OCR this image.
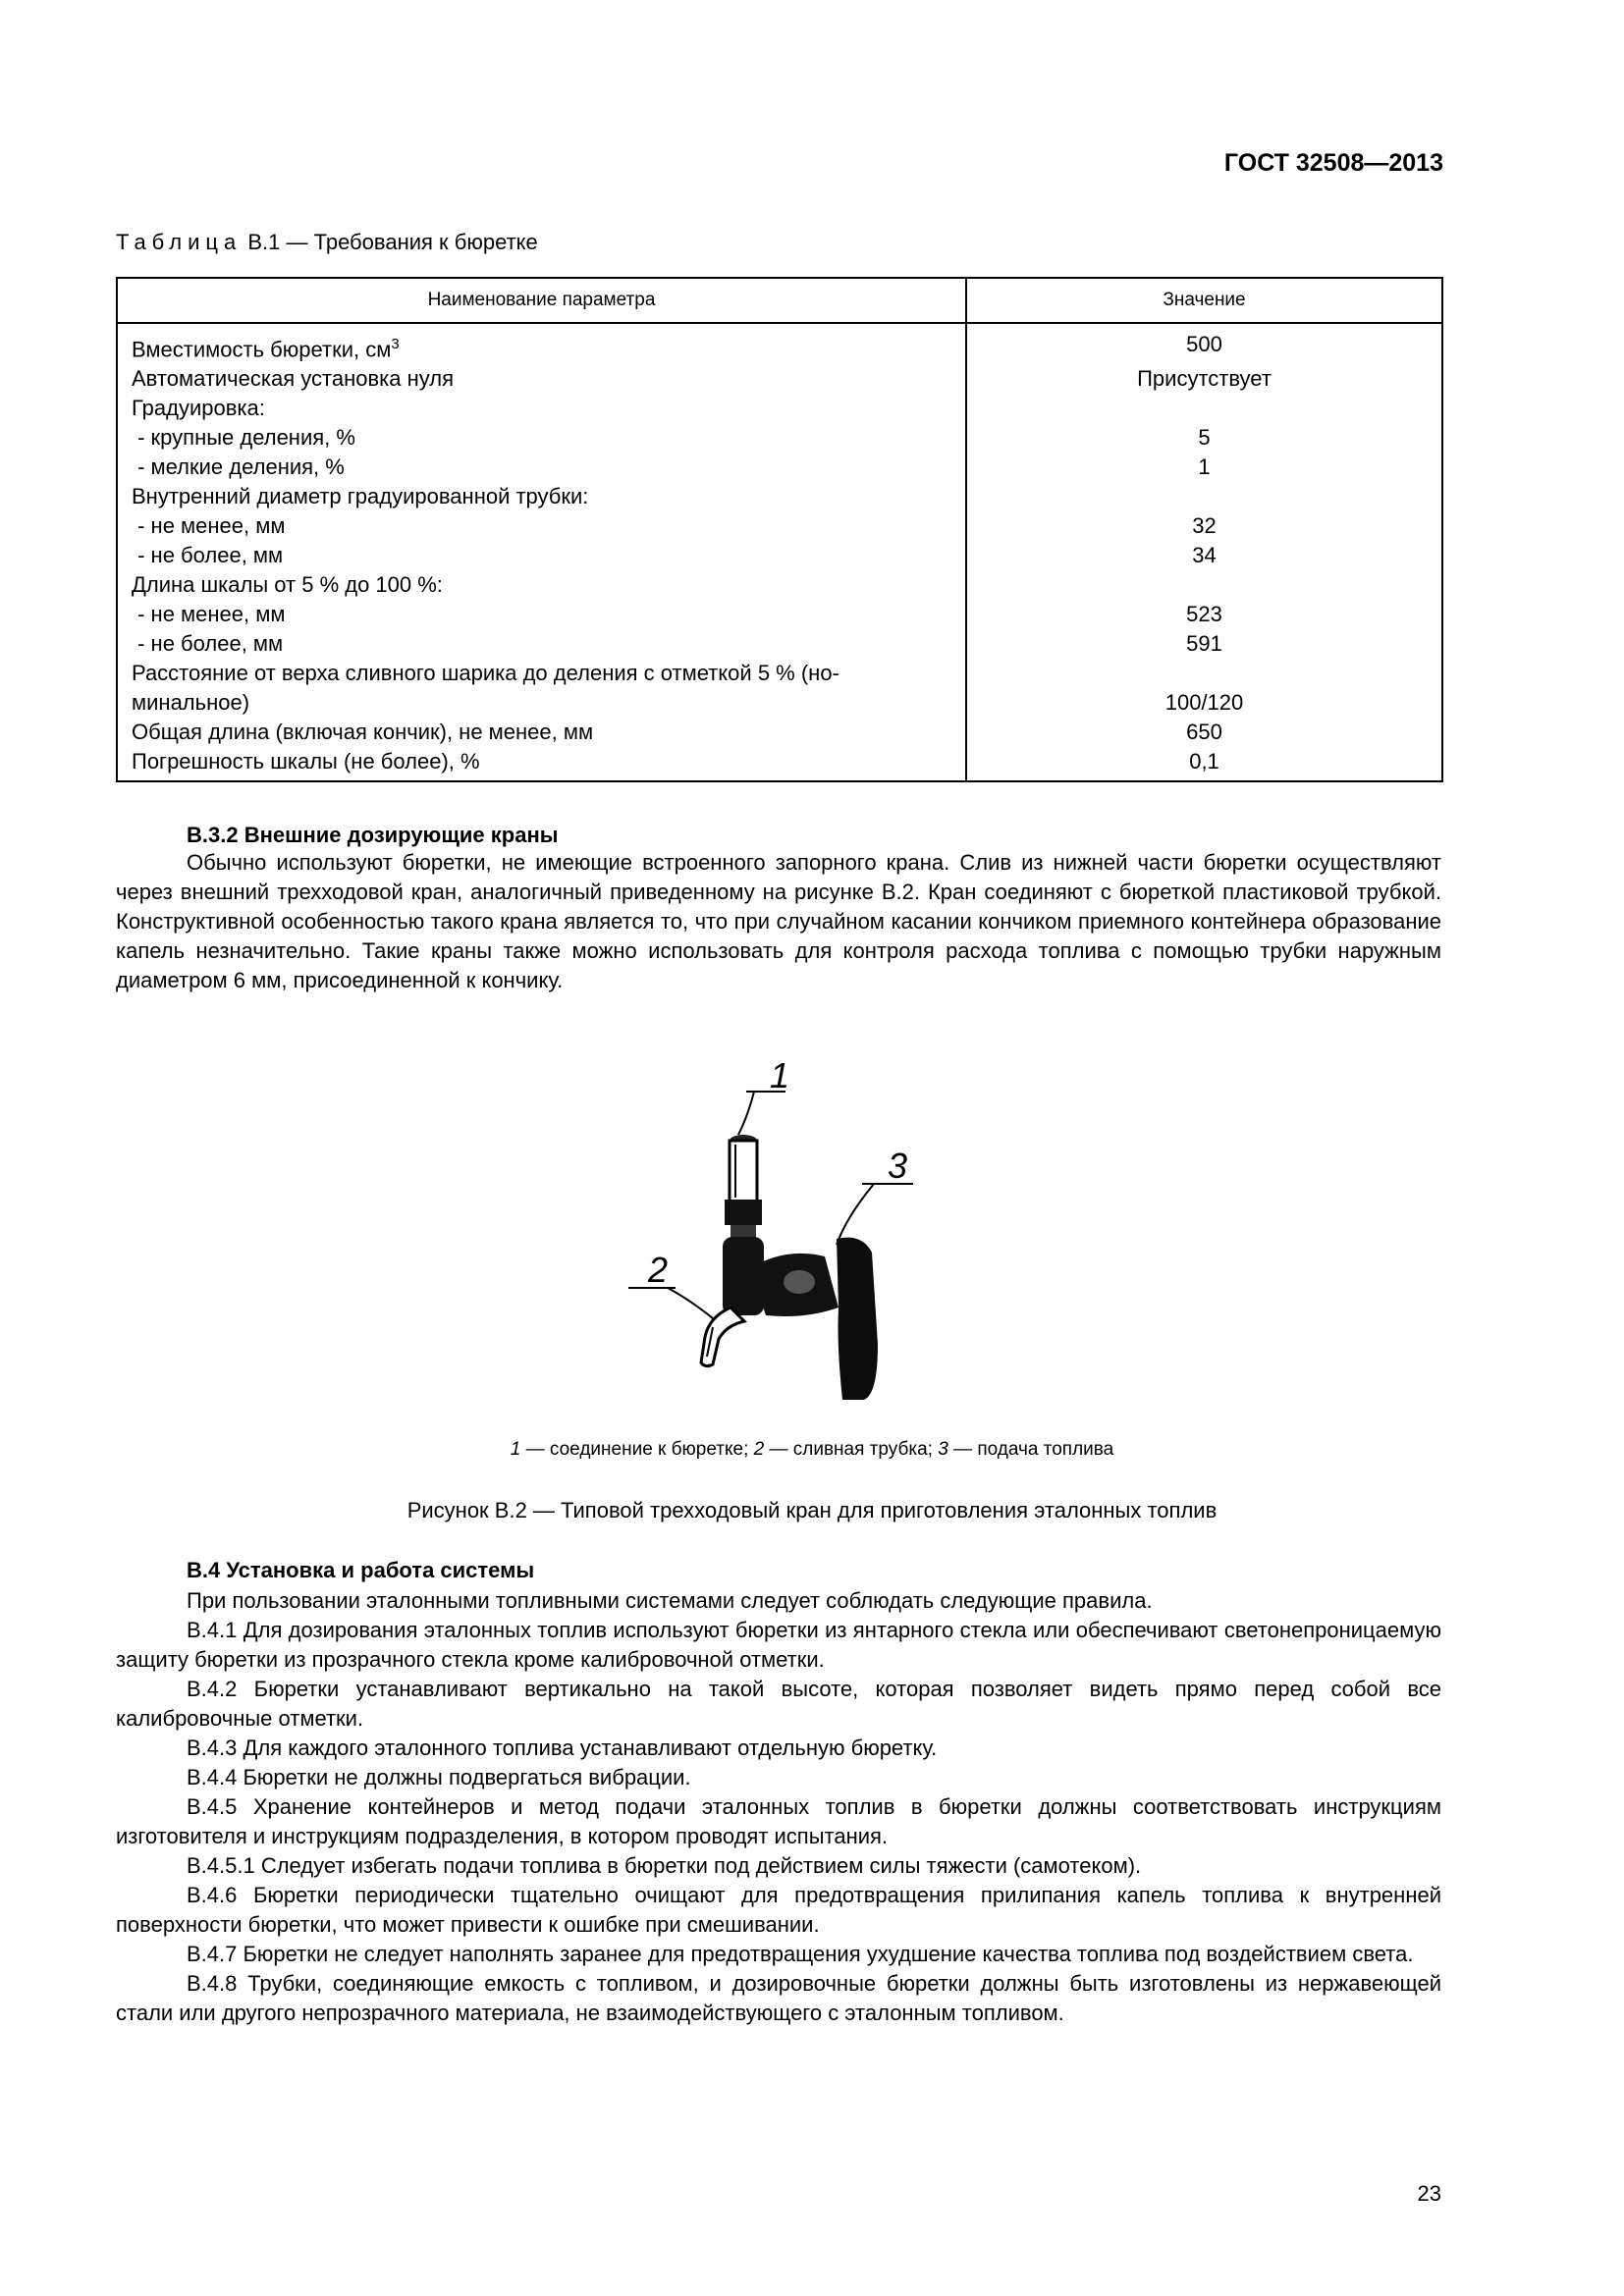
ГОСТ 32508—2013
Таблица В.1 — Требования к бюретке
Наименование параметра	Значение
Вместимость бюретки, $см^3$	500
Автоматическая установка нуля	Присутствует
Градуировка:	
- крупные деления, %	5
- мелкие деления, %	1
Внутренний диаметр градуированной трубки:	
- не менее, мм	32
- не более, мм	34
Длина шкалы от 5 % до 100 %:	
- не менее, мм	523
- не более, мм	591
Расстояние от верха сливного шарика до деления с отметкой 5 % (но-	
минальное)	100/120
Общая длина (включая кончик), не менее, мм	650
Погрешность шкалы (не более), %	0,1
В.3.2 Внешние дозирующие краны
Обычно используют бюретки, не имеющие встроенного запорного крана. Слив из нижней части бюретки осуществляют через внешний трехходовой кран, аналогичный приведенному на рисунке В.2. Кран соединяют с бюреткой пластиковой трубкой. Конструктивной особенностью такого крана является то, что при случайном касании кончиком приемного контейнера образование капель незначительно. Такие краны также можно использовать для контроля расхода топлива с помощью трубки наружным диаметром 6 мм, присоединенной к кончику.
1
3
2
1 — соединение к бюретке; 2 — сливная трубка; 3 — подача топлива
Рисунок В.2 — Типовой трехходовый кран для приготовления эталонных топлив
В.4 Установка и работа системы
При пользовании эталонными топливными системами следует соблюдать следующие правила.
В.4.1 Для дозирования эталонных топлив используют бюретки из янтарного стекла или обеспечивают светонепроницаемую защиту бюретки из прозрачного стекла кроме калибровочной отметки.
В.4.2 Бюретки устанавливают вертикально на такой высоте, которая позволяет видеть прямо перед собой все калибровочные отметки.
В.4.3 Для каждого эталонного топлива устанавливают отдельную бюретку.
В.4.4 Бюретки не должны подвергаться вибрации.
В.4.5 Хранение контейнеров и метод подачи эталонных топлив в бюретки должны соответствовать инструкциям изготовителя и инструкциям подразделения, в котором проводят испытания.
В.4.5.1 Следует избегать подачи топлива в бюретки под действием силы тяжести (самотеком).
В.4.6 Бюретки периодически тщательно очищают для предотвращения прилипания капель топлива к внутренней поверхности бюретки, что может привести к ошибке при смешивании.
В.4.7 Бюретки не следует наполнять заранее для предотвращения ухудшение качества топлива под воздействием света.
В.4.8 Трубки, соединяющие емкость с топливом, и дозировочные бюретки должны быть изготовлены из нержавеющей стали или другого непрозрачного материала, не взаимодействующего с эталонным топливом.
23
